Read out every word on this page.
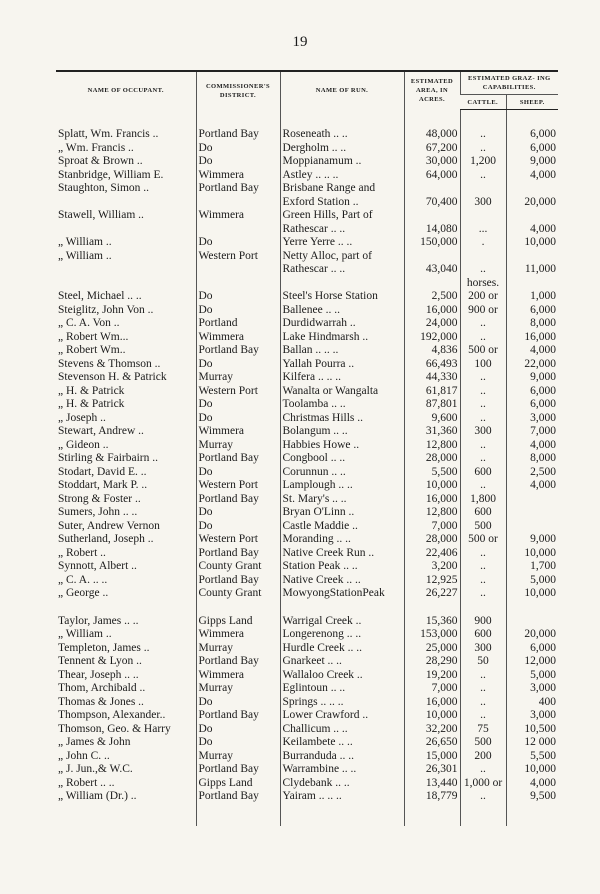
19
NAME OF OCCUPANT.	COMMISSIONER'S DISTRICT.	NAME OF RUN.	ESTIMATED AREA, IN ACRES.	ESTIMATED GRAZ- ING CAPABILITIES.	
				CATTLE.	SHEEP.
Splatt, Wm. Francis ..	Portland Bay	Roseneath .. ..	48,000	..	6,000
„ Wm. Francis ..	Do	Dergholm .. ..	67,200	..	6,000
Sproat & Brown ..	Do	Moppianamum ..	30,000	1,200	9,000
Stanbridge, William E.	Wimmera	Astley .. .. ..	64,000	..	4,000
Staughton, Simon ..	Portland Bay	Brisbane Range and			
		Exford Station ..	70,400	300	20,000
Stawell, William ..	Wimmera	Green Hills, Part of			
		Rathescar .. ..	14,080	...	4,000
„ William ..	Do	Yerre Yerre .. ..	150,000	.	10,000
„ William ..	Western Port	Netty Alloc, part of			
		Rathescar .. ..	43,040	..	11,000
				horses.	
Steel, Michael .. ..	Do	Steel's Horse Station	2,500	200 or	1,000
Steiglitz, John Von ..	Do	Ballenee .. ..	16,000	900 or	6,000
„ C. A. Von ..	Portland	Durdidwarrah ..	24,000	..	8,000
„ Robert Wm...	Wimmera	Lake Hindmarsh ..	192,000	..	16,000
„ Robert Wm..	Portland Bay	Ballan .. .. ..	4,836	500 or	4,000
Stevens & Thomson ..	Do	Yallah Pourra ..	66,493	100	22,000
Stevenson H. & Patrick	Murray	Kilfera .. .. ..	44,330	..	9,000
„ H. & Patrick	Western Port	Wanalta or Wangalta	61,817	..	6,000
„ H. & Patrick	Do	Toolamba .. ..	87,801	..	6,000
„ Joseph ..	Do	Christmas Hills ..	9,600	..	3,000
Stewart, Andrew ..	Wimmera	Bolangum .. ..	31,360	300	7,000
„ Gideon ..	Murray	Habbies Howe ..	12,800	..	4,000
Stirling & Fairbairn ..	Portland Bay	Congbool .. ..	28,000	..	8,000
Stodart, David E. ..	Do	Corunnun .. ..	5,500	600	2,500
Stoddart, Mark P. ..	Western Port	Lamplough .. ..	10,000	..	4,000
Strong & Foster ..	Portland Bay	St. Mary's .. ..	16,000	1,800	
Sumers, John .. ..	Do	Bryan O'Linn ..	12,800	600	
Suter, Andrew Vernon	Do	Castle Maddie ..	7,000	500	
Sutherland, Joseph ..	Western Port	Moranding .. ..	28,000	500 or	9,000
„ Robert ..	Portland Bay	Native Creek Run ..	22,406	..	10,000
Synnott, Albert ..	County Grant	Station Peak .. ..	3,200	..	1,700
„ C. A. .. ..	Portland Bay	Native Creek .. ..	12,925	..	5,000
„ George ..	County Grant	MowyongStationPeak	26,227	..	10,000

Taylor, James .. ..	Gipps Land	Warrigal Creek ..	15,360	900	
„ William ..	Wimmera	Longerenong .. ..	153,000	600	20,000
Templeton, James ..	Murray	Hurdle Creek .. ..	25,000	300	6,000
Tennent & Lyon ..	Portland Bay	Gnarkeet .. ..	28,290	50	12,000
Thear, Joseph .. ..	Wimmera	Wallaloo Creek ..	19,200	..	5,000
Thom, Archibald ..	Murray	Eglintoun .. ..	7,000	..	3,000
Thomas & Jones ..	Do	Springs .. .. ..	16,000	..	400
Thompson, Alexander..	Portland Bay	Lower Crawford ..	10,000	..	3,000
Thomson, Geo. & Harry	Do	Challicum .. ..	32,200	75	10,500
„ James & John	Do	Keilambete .. ..	26,650	500	12 000
„ John C. ..	Murray	Burranduda .. ..	15,000	200	5,500
„ J. Jun.,& W.C.	Portland Bay	Warrambine .. ..	26,301	..	10,000
„ Robert .. ..	Gipps Land	Clydebank .. ..	13,440	1,000 or	4,000
„ William (Dr.) ..	Portland Bay	Yairam .. .. ..	18,779	..	9,500
